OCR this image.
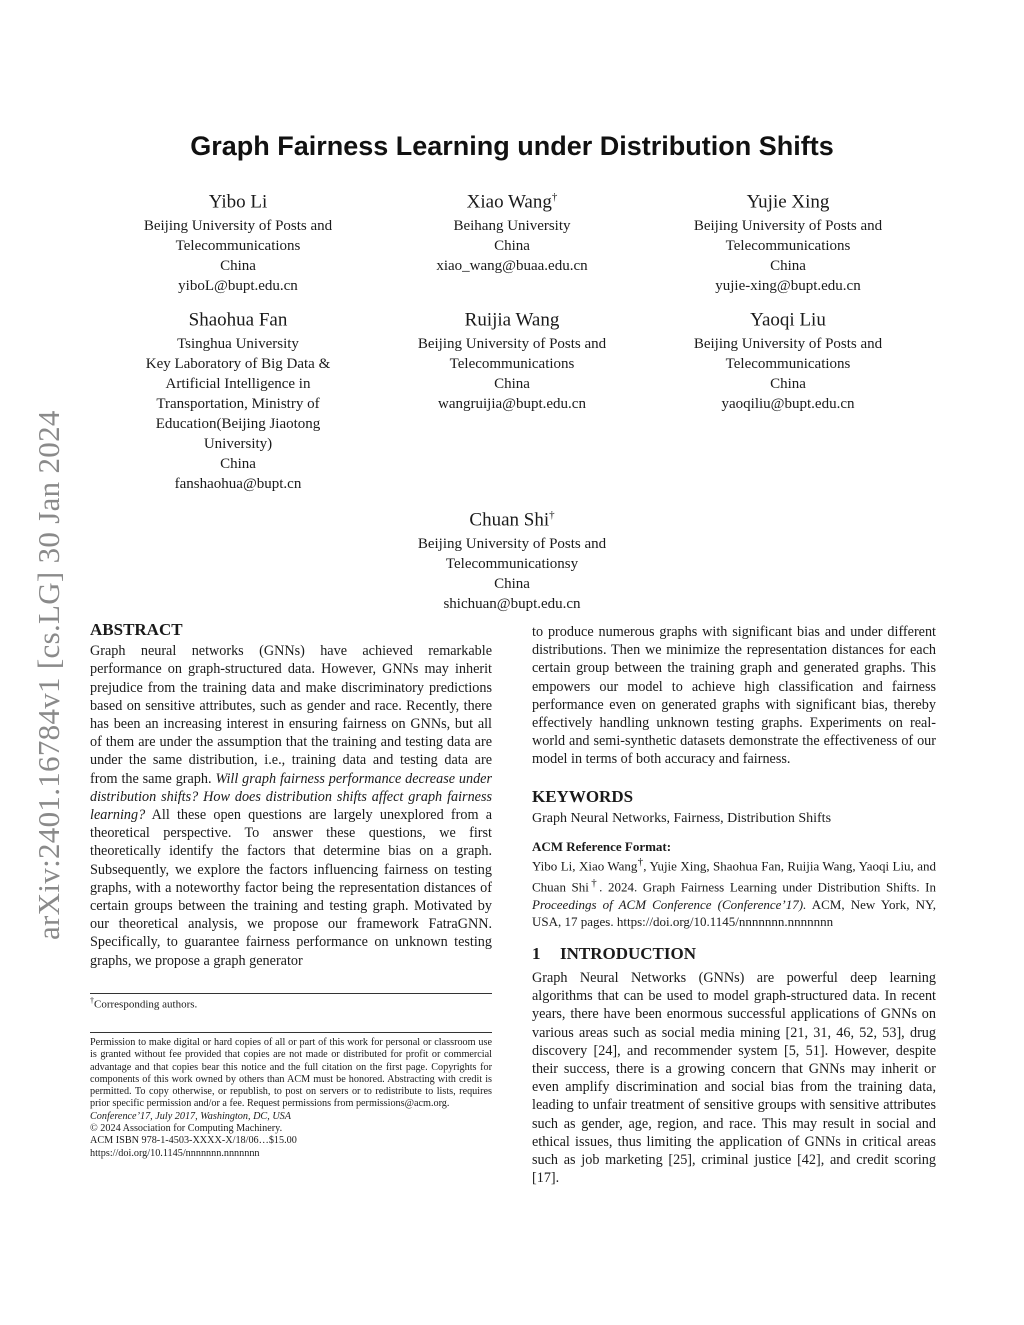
arXiv:2401.16784v1 [cs.LG] 30 Jan 2024
Graph Fairness Learning under Distribution Shifts
Yibo Li
Beijing University of Posts and
Telecommunications
China
yiboL@bupt.edu.cn
Xiao Wang†
Beihang University
China
xiao_wang@buaa.edu.cn
Yujie Xing
Beijing University of Posts and
Telecommunications
China
yujie-xing@bupt.edu.cn
Shaohua Fan
Tsinghua University
Key Laboratory of Big Data &
Artificial Intelligence in
Transportation, Ministry of
Education(Beijing Jiaotong
University)
China
fanshaohua@bupt.cn
Ruijia Wang
Beijing University of Posts and
Telecommunications
China
wangruijia@bupt.edu.cn
Yaoqi Liu
Beijing University of Posts and
Telecommunications
China
yaoqiliu@bupt.edu.cn
Chuan Shi†
Beijing University of Posts and
Telecommunicationsy
China
shichuan@bupt.edu.cn
ABSTRACT

Graph neural networks (GNNs) have achieved remarkable performance on graph-structured data. However, GNNs may inherit prejudice from the training data and make discriminatory predictions based on sensitive attributes, such as gender and race. Recently, there has been an increasing interest in ensuring fairness on GNNs, but all of them are under the assumption that the training and testing data are under the same distribution, i.e., training data and testing data are from the same graph. Will graph fairness performance decrease under distribution shifts? How does distribution shifts affect graph fairness learning? All these open questions are largely unexplored from a theoretical perspective. To answer these questions, we first theoretically identify the factors that determine bias on a graph. Subsequently, we explore the factors influencing fairness on testing graphs, with a noteworthy factor being the representation distances of certain groups between the training and testing graph. Motivated by our theoretical analysis, we propose our framework FatraGNN. Specifically, to guarantee fairness performance on unknown testing graphs, we propose a graph generator

†Corresponding authors.
Permission to make digital or hard copies of all or part of this work for personal or classroom use is granted without fee provided that copies are not made or distributed for profit or commercial advantage and that copies bear this notice and the full citation on the first page. Copyrights for components of this work owned by others than ACM must be honored. Abstracting with credit is permitted. To copy otherwise, or republish, to post on servers or to redistribute to lists, requires prior specific permission and/or a fee. Request permissions from permissions@acm.org.
Conference’17, July 2017, Washington, DC, USA
© 2024 Association for Computing Machinery.
ACM ISBN 978-1-4503-XXXX-X/18/06…$15.00
https://doi.org/10.1145/nnnnnnn.nnnnnnn

to produce numerous graphs with significant bias and under different distributions. Then we minimize the representation distances for each certain group between the training graph and generated graphs. This empowers our model to achieve high classification and fairness performance even on generated graphs with significant bias, thereby effectively handling unknown testing graphs. Experiments on real-world and semi-synthetic datasets demonstrate the effectiveness of our model in terms of both accuracy and fairness.

KEYWORDS
Graph Neural Networks, Fairness, Distribution Shifts
ACM Reference Format:
Yibo Li, Xiao Wang†, Yujie Xing, Shaohua Fan, Ruijia Wang, Yaoqi Liu, and Chuan Shi†. 2024. Graph Fairness Learning under Distribution Shifts. In Proceedings of ACM Conference (Conference’17). ACM, New York, NY, USA, 17 pages. https://doi.org/10.1145/nnnnnnn.nnnnnnn
1 INTRODUCTION

Graph Neural Networks (GNNs) are powerful deep learning algorithms that can be used to model graph-structured data. In recent years, there have been enormous successful applications of GNNs on various areas such as social media mining [21, 31, 46, 52, 53], drug discovery [24], and recommender system [5, 51]. However, despite their success, there is a growing concern that GNNs may inherit or even amplify discrimination and social bias from the training data, leading to unfair treatment of sensitive groups with sensitive attributes such as gender, age, region, and race. This may result in social and ethical issues, thus limiting the application of GNNs in critical areas such as job marketing [25], criminal justice [42], and credit scoring [17].
